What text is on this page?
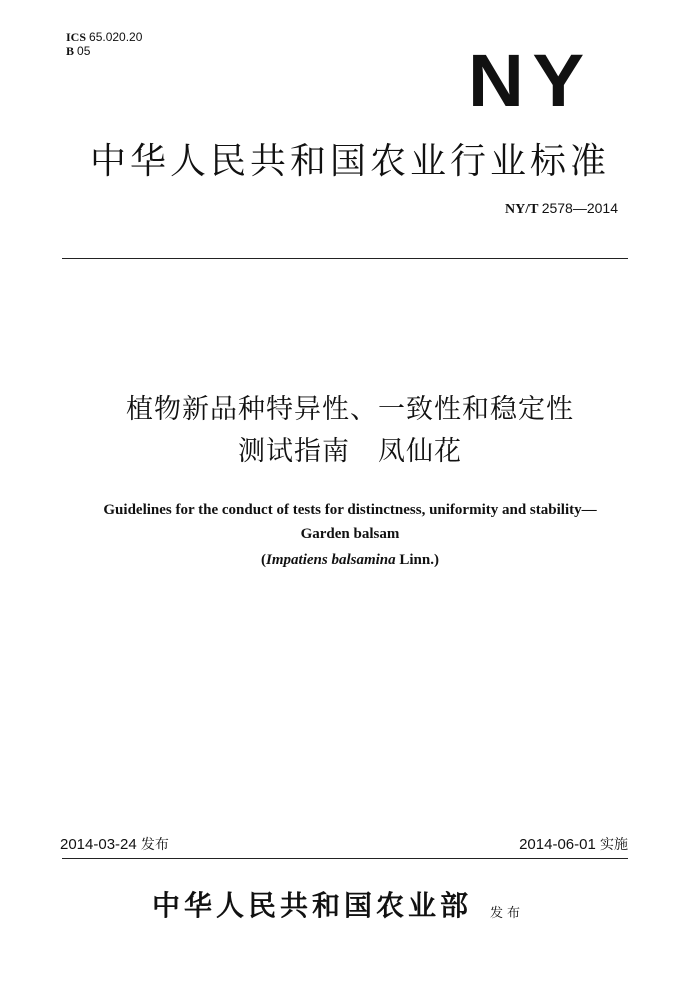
ICS 65.020.20
B 05	NY
中华人民共和国农业行业标准
NY/T 2578—2014
植物新品种特异性、一致性和稳定性
测试指南　凤仙花
Guidelines for the conduct of tests for distinctness, uniformity and stability—
Garden balsam
(Impatiens balsamina Linn.)
2014-03-24 发布	2014-06-01 实施
中华人民共和国农业部 发布
